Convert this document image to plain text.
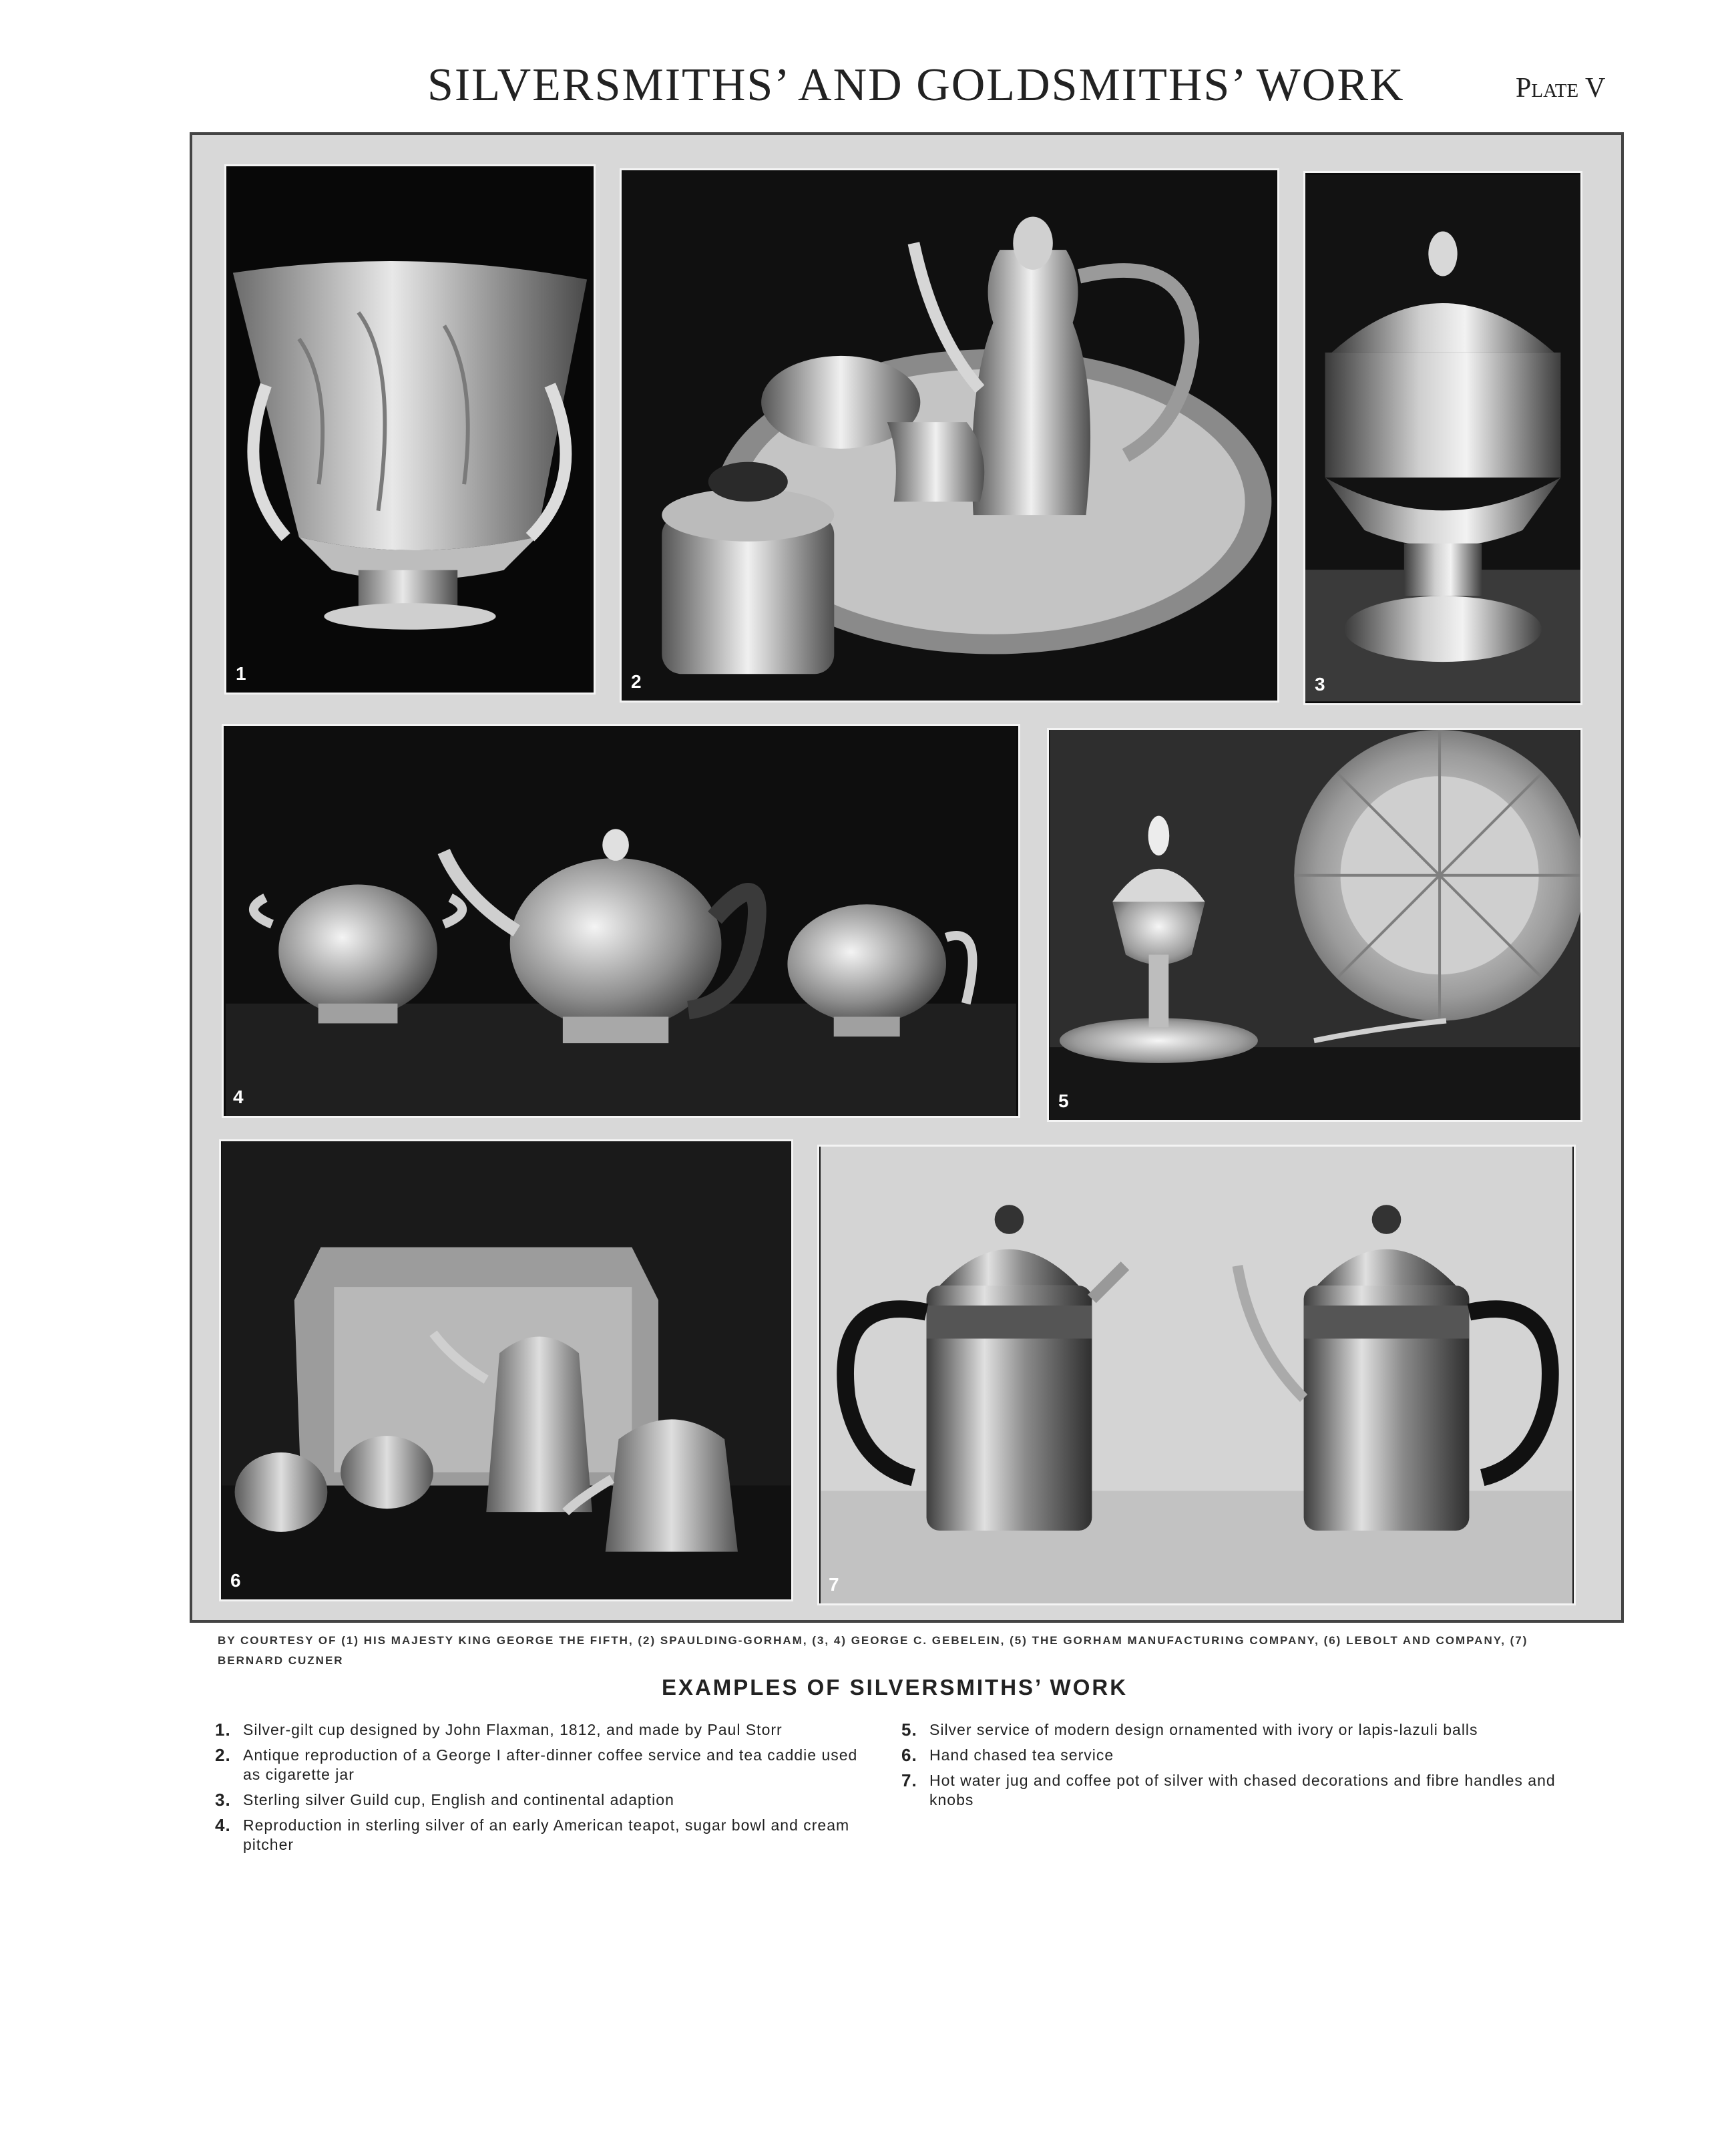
SILVERSMITHS’ AND GOLDSMITHS’ WORK	Plate V
1	2	3
4	5
6	7
BY COURTESY OF (1) HIS MAJESTY KING GEORGE THE FIFTH, (2) SPAULDING-GORHAM, (3, 4) GEORGE C. GEBELEIN, (5) THE GORHAM MANUFACTURING COMPANY, (6) LEBOLT AND COMPANY, (7) BERNARD CUZNER
EXAMPLES OF SILVERSMITHS’ WORK
1. Silver-gilt cup designed by John Flaxman, 1812, and made by Paul Storr
2. Antique reproduction of a George I after-dinner coffee service and tea caddie used as cigarette jar
3. Sterling silver Guild cup, English and continental adaption
4. Reproduction in sterling silver of an early American teapot, sugar bowl and cream pitcher
5. Silver service of modern design ornamented with ivory or lapis-lazuli balls
6. Hand chased tea service
7. Hot water jug and coffee pot of silver with chased decorations and fibre handles and knobs
